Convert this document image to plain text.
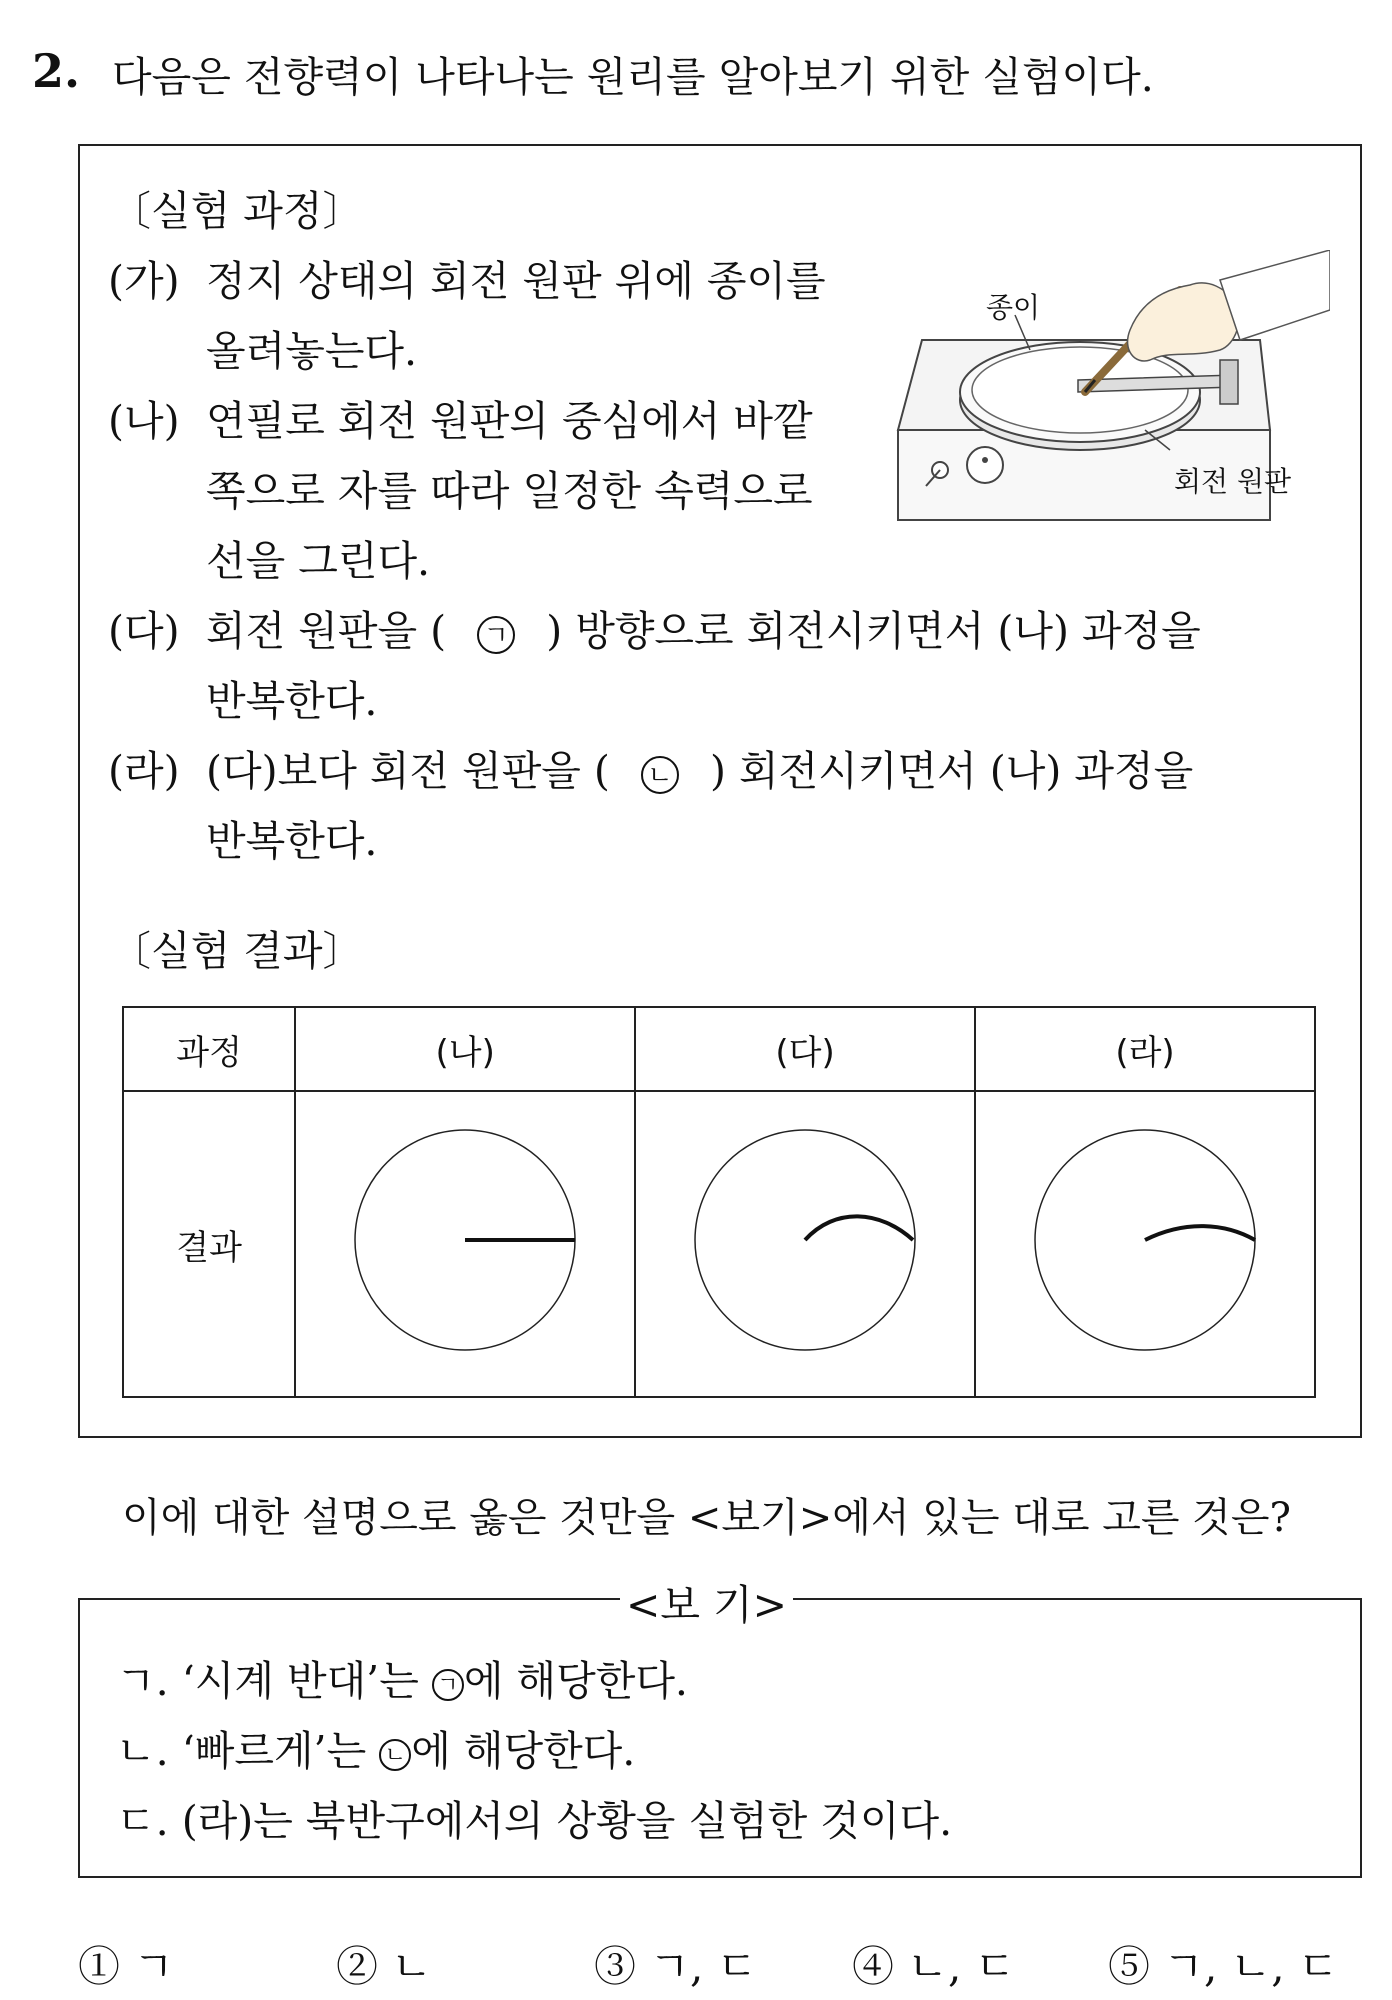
2. 다음은 전향력이 나타나는 원리를 알아보기 위한 실험이다.
〔실험 과정〕
(가) 정지 상태의 회전 원판 위에 종이를
올려놓는다.
(나) 연필로 회전 원판의 중심에서 바깥
쪽으로 자를 따라 일정한 속력으로
선을 그린다.
(다) 회전 원판을 ( ㄱ ) 방향으로 회전시키면서 (나) 과정을
반복한다.
(라) (다)보다 회전 원판을 ( ㄴ ) 회전시키면서 (나) 과정을
반복한다.
종이
회전 원판
〔실험 결과〕
과정	(나)	(다)	(라)
결과			
이에 대한 설명으로 옳은 것만을 <보기>에서 있는 대로 고른 것은?
<보 기>
ㄱ. ‘시계 반대’는 ㄱ 에 해당한다.
ㄴ. ‘빠르게’는 ㄴ 에 해당한다.
ㄷ. (라)는 북반구에서의 상황을 실험한 것이다.
① ㄱ	② ㄴ	③ ㄱ, ㄷ ④ ㄴ, ㄷ ⑤ ㄱ, ㄴ, ㄷ
